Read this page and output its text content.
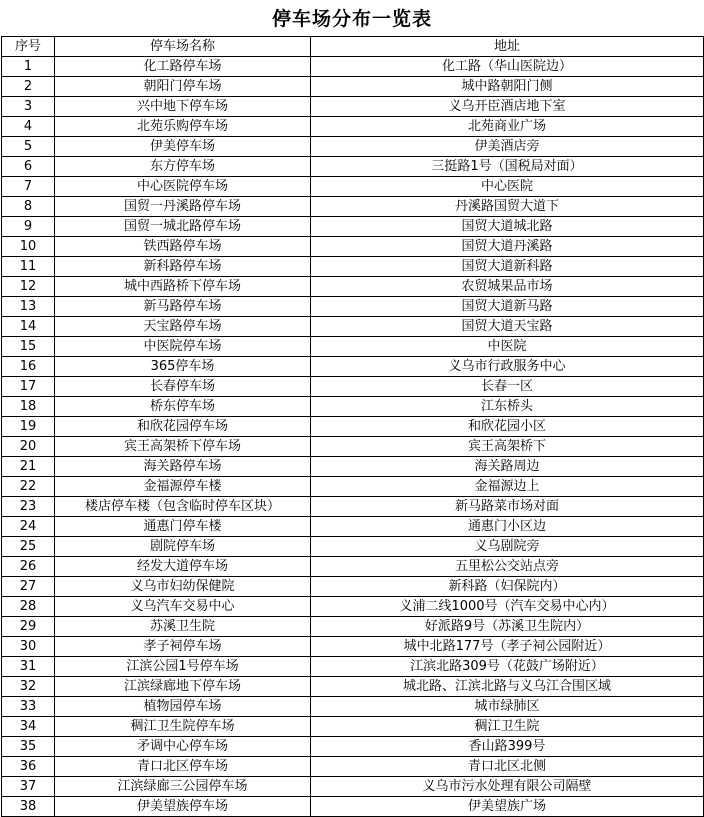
停车场分布一览表
序号	停车场名称	地址
1	化工路停车场	化工路（华山医院边）
2	朝阳门停车场	城中路朝阳门侧
3	兴中地下停车场	义乌开臣酒店地下室
4	北苑乐购停车场	北苑商业广场
5	伊美停车场	伊美酒店旁
6	东方停车场	三挺路1号（国税局对面）
7	中心医院停车场	中心医院
8	国贸一丹溪路停车场	丹溪路国贸大道下
9	国贸一城北路停车场	国贸大道城北路
10	铁西路停车场	国贸大道丹溪路
11	新科路停车场	国贸大道新科路
12	城中西路桥下停车场	农贸城果品市场
13	新马路停车场	国贸大道新马路
14	天宝路停车场	国贸大道天宝路
15	中医院停车场	中医院
16	365停车场	义乌市行政服务中心
17	长春停车场	长春一区
18	桥东停车场	江东桥头
19	和欣花园停车场	和欣花园小区
20	宾王高架桥下停车场	宾王高架桥下
21	海关路停车场	海关路周边
22	金福源停车楼	金福源边上
23	楼店停车楼（包含临时停车区块）	新马路菜市场对面
24	通惠门停车楼	通惠门小区边
25	剧院停车场	义乌剧院旁
26	经发大道停车场	五里松公交站点旁
27	义乌市妇幼保健院	新科路（妇保院内）
28	义乌汽车交易中心	义浦二线1000号（汽车交易中心内）
29	苏溪卫生院	好派路9号（苏溪卫生院内）
30	孝子祠停车场	城中北路177号（孝子祠公园附近）
31	江滨公园1号停车场	江滨北路309号（花鼓广场附近）
32	江滨绿廊地下停车场	城北路、江滨北路与义乌江合围区域
33	植物园停车场	城市绿肺区
34	稠江卫生院停车场	稠江卫生院
35	矛调中心停车场	香山路399号
36	青口北区停车场	青口北区北侧
37	江滨绿廊三公园停车场	义乌市污水处理有限公司隔壁
38	伊美望族停车场	伊美望族广场
